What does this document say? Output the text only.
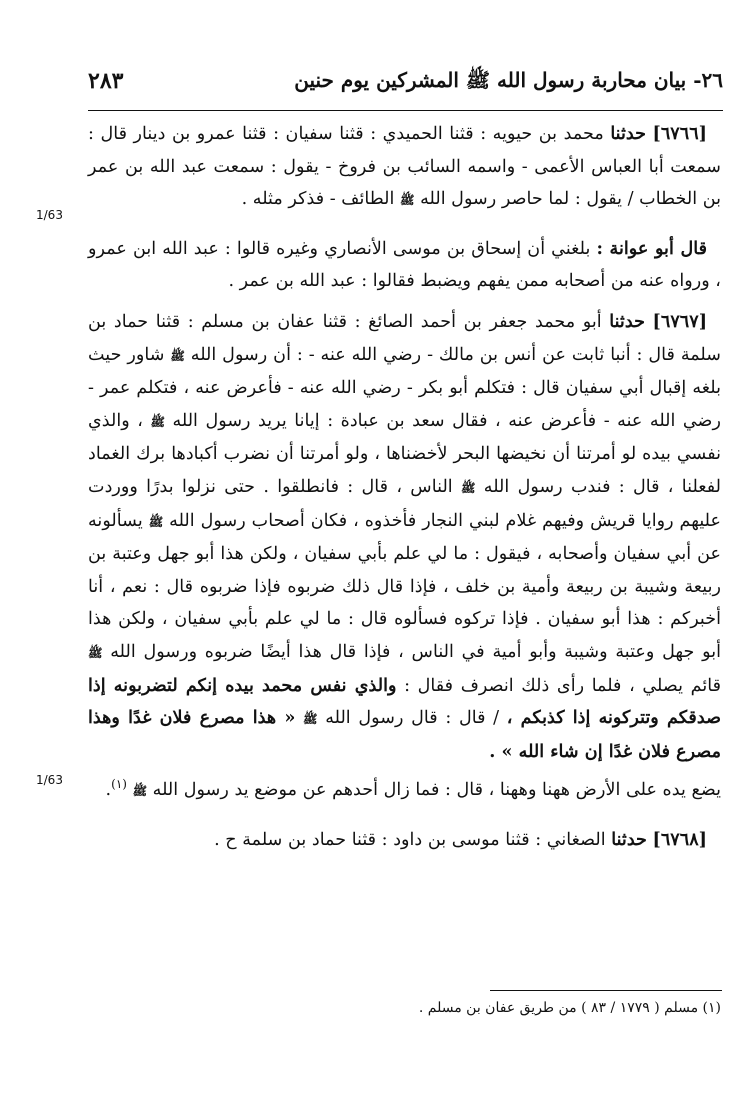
٢٦- بيان محاربة رسول الله ﷺ المشركين يوم حنين
٢٨٣
1/63
1/63

[٦٧٦٦] حدثنا محمد بن حيويه : قثنا الحميدي : قثنا سفيان : قثنا عمرو بن دينار قال : سمعت أبا العباس الأعمى - واسمه السائب بن فروخ - يقول : سمعت عبد الله بن عمر بن الخطاب / يقول : لما حاصر رسول الله ﷺ الطائف - فذكر مثله .

قال أبو عوانة : بلغني أن إسحاق بن موسى الأنصاري وغيره قالوا : عبد الله ابن عمرو ، ورواه عنه من أصحابه ممن يفهم ويضبط فقالوا : عبد الله بن عمر .

[٦٧٦٧] حدثنا أبو محمد جعفر بن أحمد الصائغ : قثنا عفان بن مسلم : قثنا حماد بن سلمة قال : أنبا ثابت عن أنس بن مالك - رضي الله عنه - : أن رسول الله ﷺ شاور حيث بلغه إقبال أبي سفيان قال : فتكلم أبو بكر - رضي الله عنه - فأعرض عنه ، فتكلم عمر - رضي الله عنه - فأعرض عنه ، فقال سعد بن عبادة : إيانا يريد رسول الله ﷺ ، والذي نفسي بيده لو أمرتنا أن نخيضها البحر لأخضناها ، ولو أمرتنا أن نضرب أكبادها برك الغماد لفعلنا ، قال : فندب رسول الله ﷺ الناس ، قال : فانطلقوا . حتى نزلوا بدرًا ووردت عليهم روايا قريش وفيهم غلام لبني النجار فأخذوه ، فكان أصحاب رسول الله ﷺ يسألونه عن أبي سفيان وأصحابه ، فيقول : ما لي علم بأبي سفيان ، ولكن هذا أبو جهل وعتبة بن ربيعة وشيبة بن ربيعة وأمية بن خلف ، فإذا قال ذلك ضربوه فإذا ضربوه قال : نعم ، أنا أخبركم : هذا أبو سفيان . فإذا تركوه فسألوه قال : ما لي علم بأبي سفيان ، ولكن هذا أبو جهل وعتبة وشيبة وأبو أمية في الناس ، فإذا قال هذا أيضًا ضربوه ورسول الله ﷺ قائم يصلي ، فلما رأى ذلك انصرف فقال : والذي نفس محمد بيده إنكم لتضربونه إذا صدقكم وتتركونه إذا كذبكم ، / قال : قال رسول الله ﷺ « هذا مصرع فلان غدًا وهذا مصرع فلان غدًا إن شاء الله » .

يضع يده على الأرض ههنا وههنا ، قال : فما زال أحدهم عن موضع يد رسول الله ﷺ $^{(١)}$.

[٦٧٦٨] حدثنا الصغاني : قثنا موسى بن داود : قثنا حماد بن سلمة ح .

(١) مسلم ( ١٧٧٩ / ٨٣ ) من طريق عفان بن مسلم .
